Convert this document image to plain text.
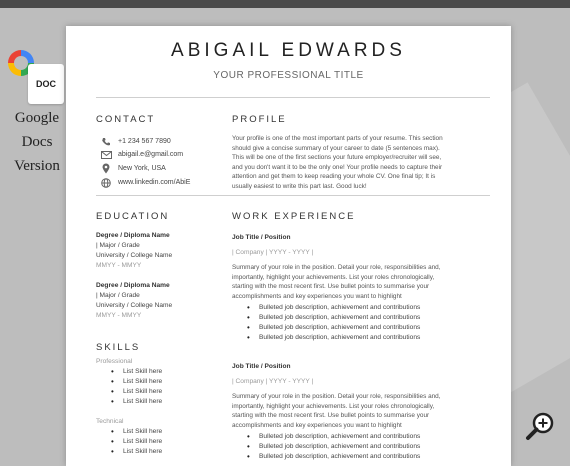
DOC
Google
Docs
Version
ABIGAIL EDWARDS
YOUR PROFESSIONAL TITLE
CONTACT
+1 234 567 7890
abigail.e@gmail.com
New York, USA
www.linkedin.com/AbiE
PROFILE
Your profile is one of the most important parts of your resume. This section
should give a concise summary of your career to date (5 sentences max).
This will be one of the first sections your future employer/recruiter will see,
and you don't want it to be the only one! Your profile needs to capture their
attention and get them to keep reading your whole CV. One final tip; It is
usually easiest to write this part last. Good luck!
EDUCATION
Degree / Diploma Name
| Major / Grade
University / College Name
MMYY - MMYY
Degree / Diploma Name
| Major / Grade
University / College Name
MMYY - MMYY
SKILLS
Professional
• List Skill here
• List Skill here
• List Skill here
• List Skill here
Technical
• List Skill here
• List Skill here
• List Skill here
WORK EXPERIENCE
Job Title / Position
| Company | YYYY - YYYY |
Summary of your role in the position. Detail your role, responsibilities and,
importantly, highlight your achievements. List your roles chronologically,
starting with the most recent first. Use bullet points to summarise your
accomplishments and key experiences you want to highlight
• Bulleted job description, achievement and contributions
• Bulleted job description, achievement and contributions
• Bulleted job description, achievement and contributions
• Bulleted job description, achievement and contributions
Job Title / Position
| Company | YYYY - YYYY |
Summary of your role in the position. Detail your role, responsibilities and,
importantly, highlight your achievements. List your roles chronologically,
starting with the most recent first. Use bullet points to summarise your
accomplishments and key experiences you want to highlight
• Bulleted job description, achievement and contributions
• Bulleted job description, achievement and contributions
• Bulleted job description, achievement and contributions
